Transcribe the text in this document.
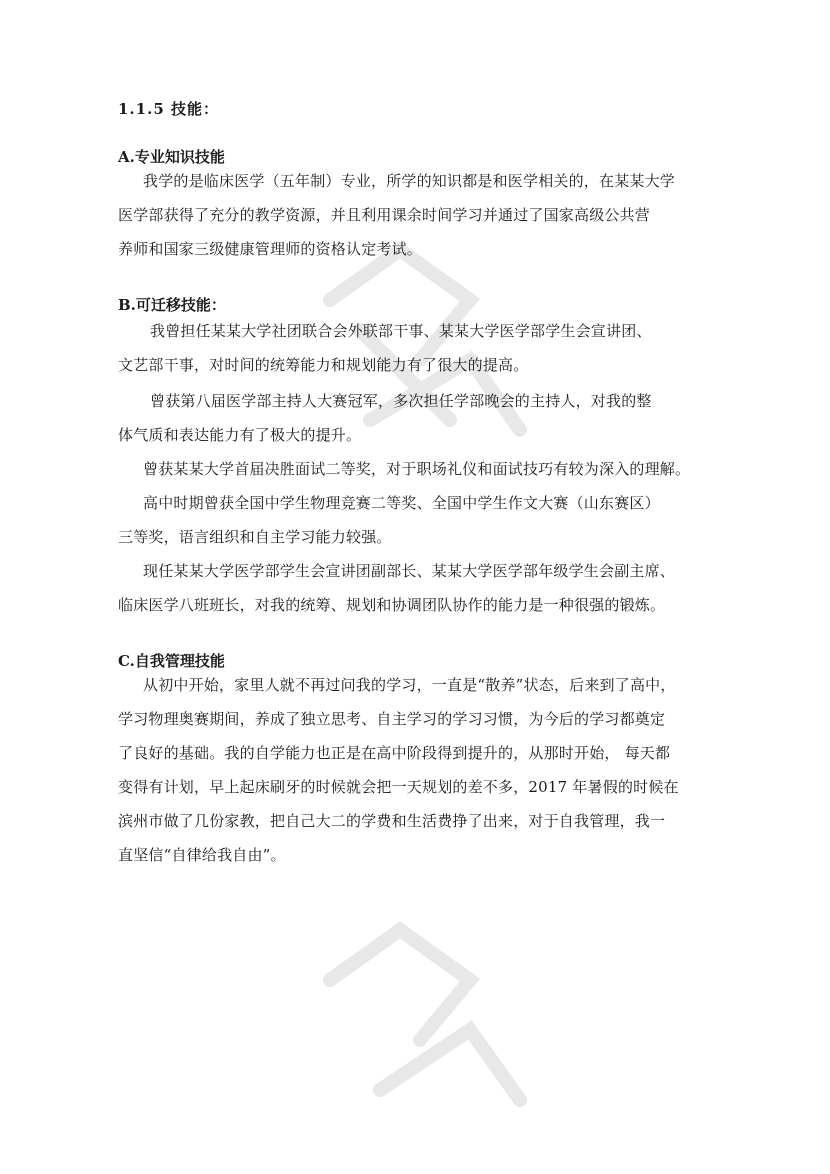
1.1.5 技能：
A.专业知识技能
我学的是临床医学（五年制）专业，所学的知识都是和医学相关的，在某某大学
医学部获得了充分的教学资源，并且利用课余时间学习并通过了国家高级公共营
养师和国家三级健康管理师的资格认定考试。
B.可迁移技能：
我曾担任某某大学社团联合会外联部干事、某某大学医学部学生会宣讲团、
文艺部干事，对时间的统筹能力和规划能力有了很大的提高。
曾获第八届医学部主持人大赛冠军，多次担任学部晚会的主持人，对我的整
体气质和表达能力有了极大的提升。
曾获某某大学首届决胜面试二等奖，对于职场礼仪和面试技巧有较为深入的理解。
高中时期曾获全国中学生物理竞赛二等奖、全国中学生作文大赛（山东赛区）
三等奖，语言组织和自主学习能力较强。
现任某某大学医学部学生会宣讲团副部长、某某大学医学部年级学生会副主席、
临床医学八班班长，对我的统筹、规划和协调团队协作的能力是一种很强的锻炼。
C.自我管理技能
从初中开始，家里人就不再过问我的学习，一直是“散养”状态，后来到了高中，
学习物理奥赛期间，养成了独立思考、自主学习的学习习惯，为今后的学习都奠定
了良好的基础。我的自学能力也正是在高中阶段得到提升的，从那时开始， 每天都
变得有计划，早上起床刷牙的时候就会把一天规划的差不多，2017 年暑假的时候在
滨州市做了几份家教，把自己大二的学费和生活费挣了出来，对于自我管理，我一
直坚信“自律给我自由”。
